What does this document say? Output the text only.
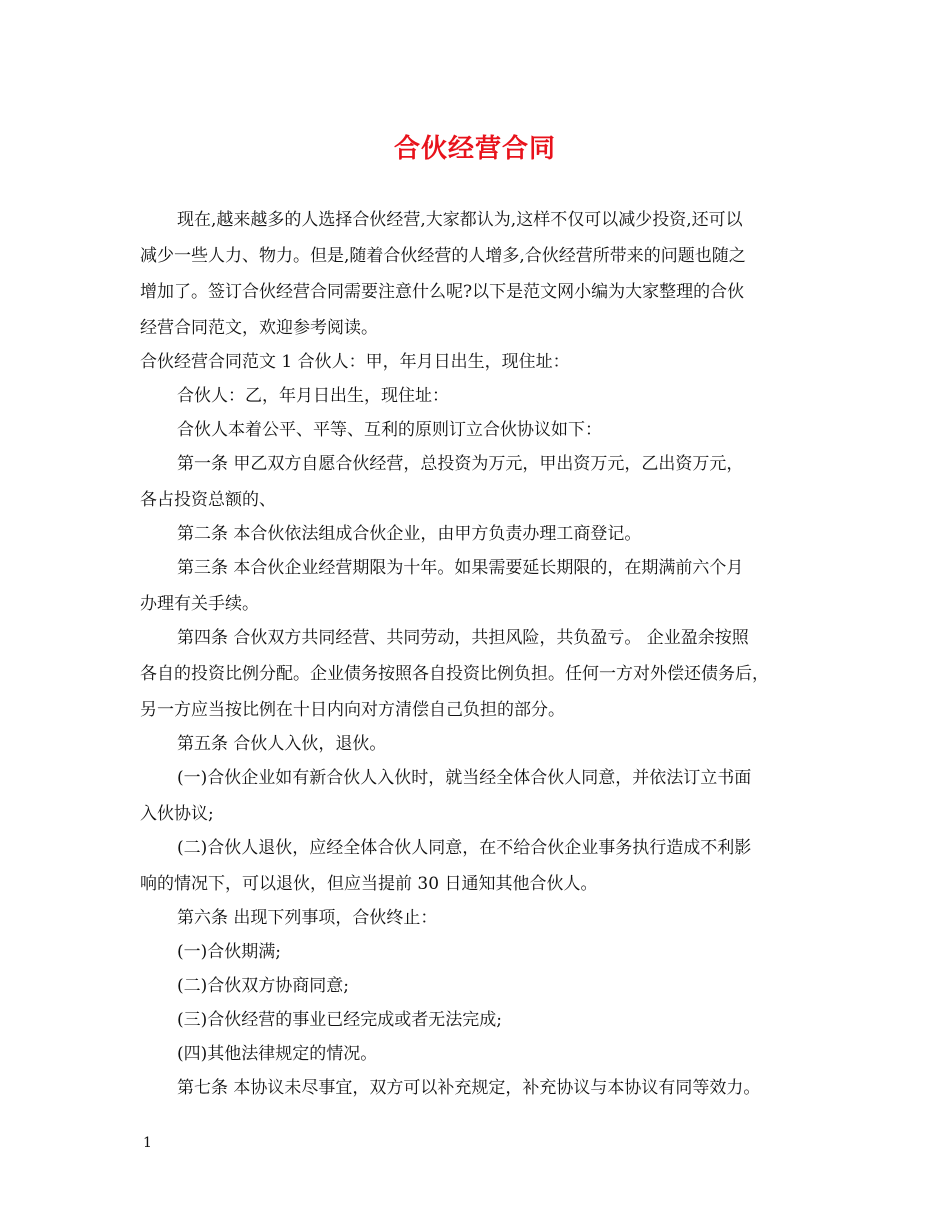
合伙经营合同
现在,越来越多的人选择合伙经营,大家都认为,这样不仅可以减少投资,还可以
减少一些人力、物力。但是,随着合伙经营的人增多,合伙经营所带来的问题也随之
增加了。签订合伙经营合同需要注意什么呢?以下是范文网小编为大家整理的合伙
经营合同范文，欢迎参考阅读。
合伙经营合同范文 1 合伙人：甲，年月日出生，现住址：
合伙人：乙，年月日出生，现住址：
合伙人本着公平、平等、互利的原则订立合伙协议如下：
第一条 甲乙双方自愿合伙经营，总投资为万元，甲出资万元，乙出资万元，
各占投资总额的、
第二条 本合伙依法组成合伙企业，由甲方负责办理工商登记。
第三条 本合伙企业经营期限为十年。如果需要延长期限的，在期满前六个月
办理有关手续。
第四条 合伙双方共同经营、共同劳动，共担风险，共负盈亏。 企业盈余按照
各自的投资比例分配。企业债务按照各自投资比例负担。任何一方对外偿还债务后，
另一方应当按比例在十日内向对方清偿自己负担的部分。
第五条 合伙人入伙，退伙。
(一)合伙企业如有新合伙人入伙时，就当经全体合伙人同意，并依法订立书面
入伙协议;
(二)合伙人退伙，应经全体合伙人同意，在不给合伙企业事务执行造成不利影
响的情况下，可以退伙，但应当提前 30 日通知其他合伙人。
第六条 出现下列事项，合伙终止：
(一)合伙期满;
(二)合伙双方协商同意;
(三)合伙经营的事业已经完成或者无法完成;
(四)其他法律规定的情况。
第七条 本协议未尽事宜，双方可以补充规定，补充协议与本协议有同等效力。
1
